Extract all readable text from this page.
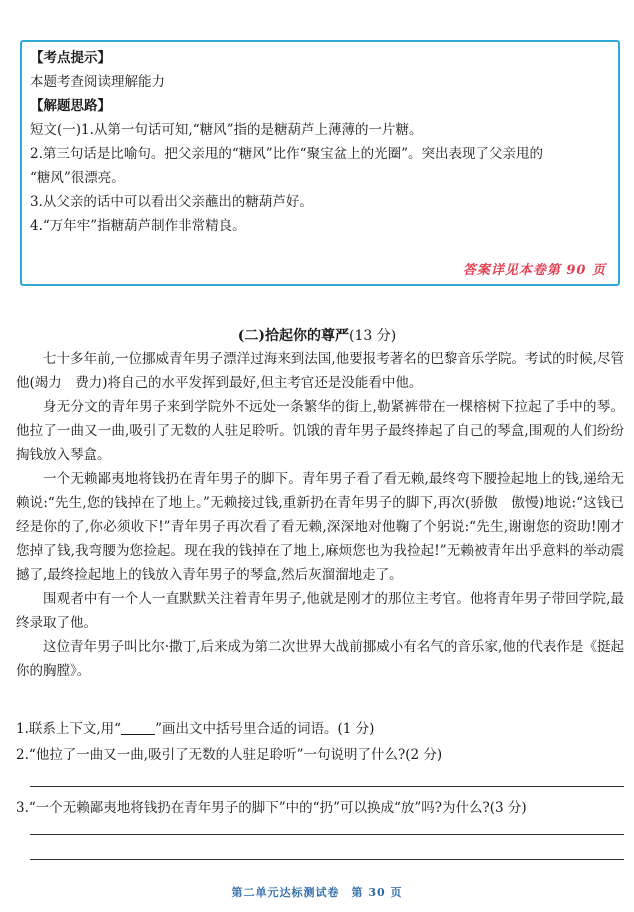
【考点提示】
本题考查阅读理解能力
【解题思路】
短文(一)1.从第一句话可知,“糖风”指的是糖葫芦上薄薄的一片糖。
2.第三句话是比喻句。把父亲甩的“糖风”比作“聚宝盆上的光圈”。突出表现了父亲甩的
“糖风”很漂亮。
3.从父亲的话中可以看出父亲蘸出的糖葫芦好。
4.“万年牢”指糖葫芦制作非常精良。
答案详见本卷第 90 页
(二)拾起你的尊严(13 分)

七十多年前,一位挪威青年男子漂洋过海来到法国,他要报考著名的巴黎音乐学院。考试的时候,尽管他(竭力　费力)将自己的水平发挥到最好,但主考官还是没能看中他。

身无分文的青年男子来到学院外不远处一条繁华的街上,勒紧裤带在一棵榕树下拉起了手中的琴。他拉了一曲又一曲,吸引了无数的人驻足聆听。饥饿的青年男子最终捧起了自己的琴盒,围观的人们纷纷掏钱放入琴盒。

一个无赖鄙夷地将钱扔在青年男子的脚下。青年男子看了看无赖,最终弯下腰捡起地上的钱,递给无赖说:“先生,您的钱掉在了地上。”无赖接过钱,重新扔在青年男子的脚下,再次(骄傲　傲慢)地说:“这钱已经是你的了,你必须收下!”青年男子再次看了看无赖,深深地对他鞠了个躬说:“先生,谢谢您的资助!刚才您掉了钱,我弯腰为您捡起。现在我的钱掉在了地上,麻烦您也为我捡起!”无赖被青年出乎意料的举动震撼了,最终捡起地上的钱放入青年男子的琴盒,然后灰溜溜地走了。

围观者中有一个人一直默默关注着青年男子,他就是刚才的那位主考官。他将青年男子带回学院,最终录取了他。

这位青年男子叫比尔·撒丁,后来成为第二次世界大战前挪威小有名气的音乐家,他的代表作是《挺起你的胸膛》。

1.联系上下文,用“	”画出文中括号里合适的词语。(1 分)
2.“他拉了一曲又一曲,吸引了无数的人驻足聆听”一句说明了什么?(2 分)
3.“一个无赖鄙夷地将钱扔在青年男子的脚下”中的“扔”可以换成“放”吗?为什么?(3 分)
第二单元达标测试卷　第 30 页
